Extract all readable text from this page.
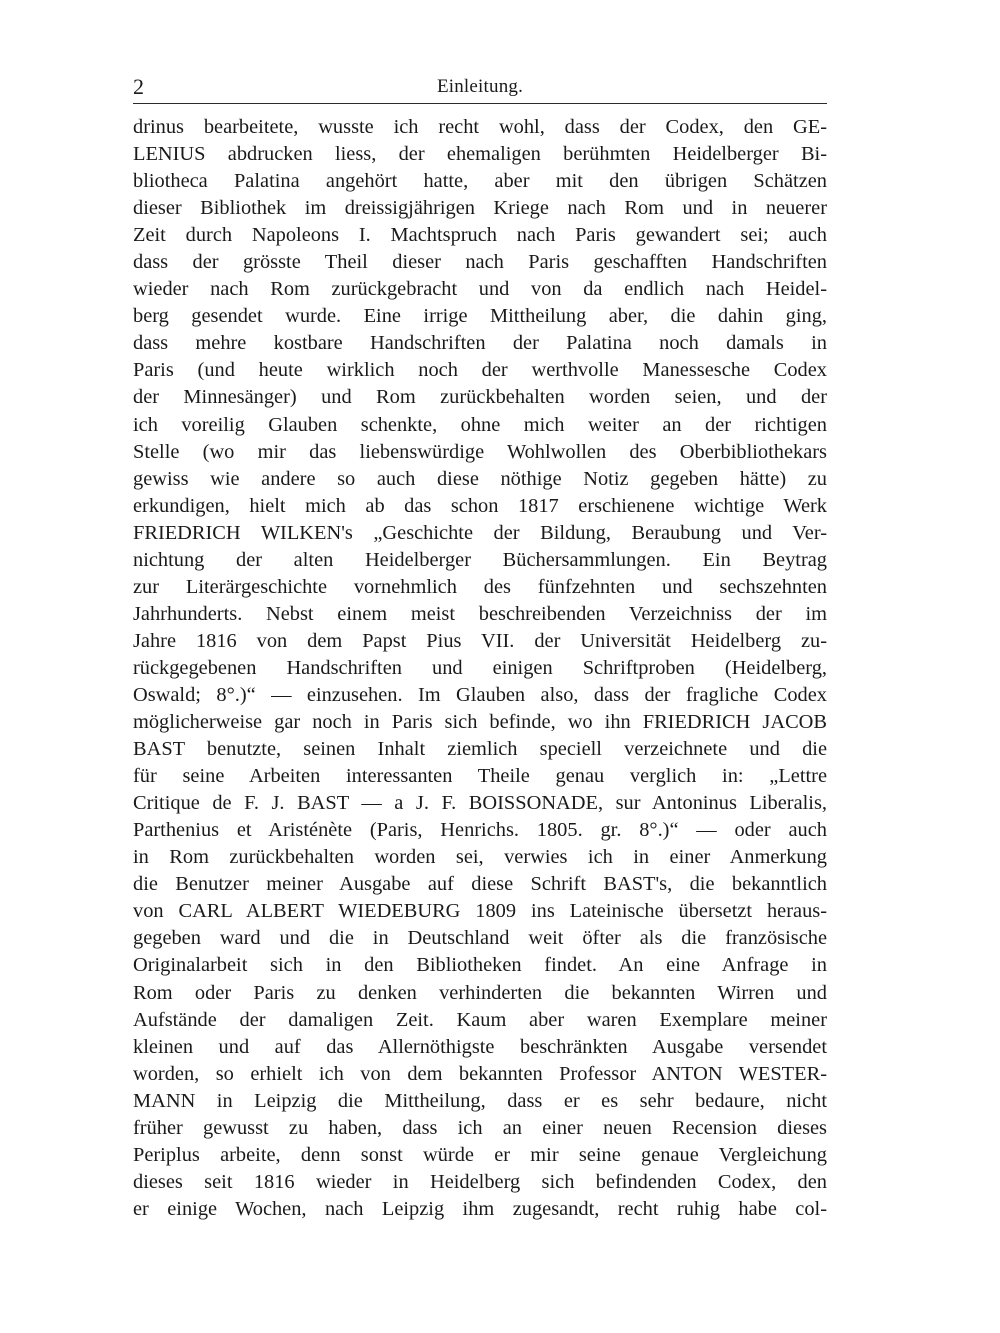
2	Einleitung.
drinus bearbeitete, wusste ich recht wohl, dass der Codex, den GE-
LENIUS abdrucken liess, der ehemaligen berühmten Heidelberger Bi-
bliotheca Palatina angehört hatte, aber mit den übrigen Schätzen
dieser Bibliothek im dreissigjährigen Kriege nach Rom und in neuerer
Zeit durch Napoleons I. Machtspruch nach Paris gewandert sei; auch
dass der grösste Theil dieser nach Paris geschafften Handschriften
wieder nach Rom zurückgebracht und von da endlich nach Heidel-
berg gesendet wurde. Eine irrige Mittheilung aber, die dahin ging,
dass mehre kostbare Handschriften der Palatina noch damals in
Paris (und heute wirklich noch der werthvolle Manessesche Codex
der Minnesänger) und Rom zurückbehalten worden seien, und der
ich voreilig Glauben schenkte, ohne mich weiter an der richtigen
Stelle (wo mir das liebenswürdige Wohlwollen des Oberbibliothekars
gewiss wie andere so auch diese nöthige Notiz gegeben hätte) zu
erkundigen, hielt mich ab das schon 1817 erschienene wichtige Werk
FRIEDRICH WILKEN's „Geschichte der Bildung, Beraubung und Ver-
nichtung der alten Heidelberger Büchersammlungen. Ein Beytrag
zur Literärgeschichte vornehmlich des fünfzehnten und sechszehnten
Jahrhunderts. Nebst einem meist beschreibenden Verzeichniss der im
Jahre 1816 von dem Papst Pius VII. der Universität Heidelberg zu-
rückgegebenen Handschriften und einigen Schriftproben (Heidelberg,
Oswald; 8°.)“ — einzusehen. Im Glauben also, dass der fragliche Codex
möglicherweise gar noch in Paris sich befinde, wo ihn FRIEDRICH JACOB
BAST benutzte, seinen Inhalt ziemlich speciell verzeichnete und die
für seine Arbeiten interessanten Theile genau verglich in: „Lettre
Critique de F. J. BAST — a J. F. BOISSONADE, sur Antoninus Liberalis,
Parthenius et Aristénète (Paris, Henrichs. 1805. gr. 8°.)“ — oder auch
in Rom zurückbehalten worden sei, verwies ich in einer Anmerkung
die Benutzer meiner Ausgabe auf diese Schrift BAST's, die bekanntlich
von CARL ALBERT WIEDEBURG 1809 ins Lateinische übersetzt heraus-
gegeben ward und die in Deutschland weit öfter als die französische
Originalarbeit sich in den Bibliotheken findet. An eine Anfrage in
Rom oder Paris zu denken verhinderten die bekannten Wirren und
Aufstände der damaligen Zeit. Kaum aber waren Exemplare meiner
kleinen und auf das Allernöthigste beschränkten Ausgabe versendet
worden, so erhielt ich von dem bekannten Professor ANTON WESTER-
MANN in Leipzig die Mittheilung, dass er es sehr bedaure, nicht
früher gewusst zu haben, dass ich an einer neuen Recension dieses
Periplus arbeite, denn sonst würde er mir seine genaue Vergleichung
dieses seit 1816 wieder in Heidelberg sich befindenden Codex, den
er einige Wochen, nach Leipzig ihm zugesandt, recht ruhig habe col-
